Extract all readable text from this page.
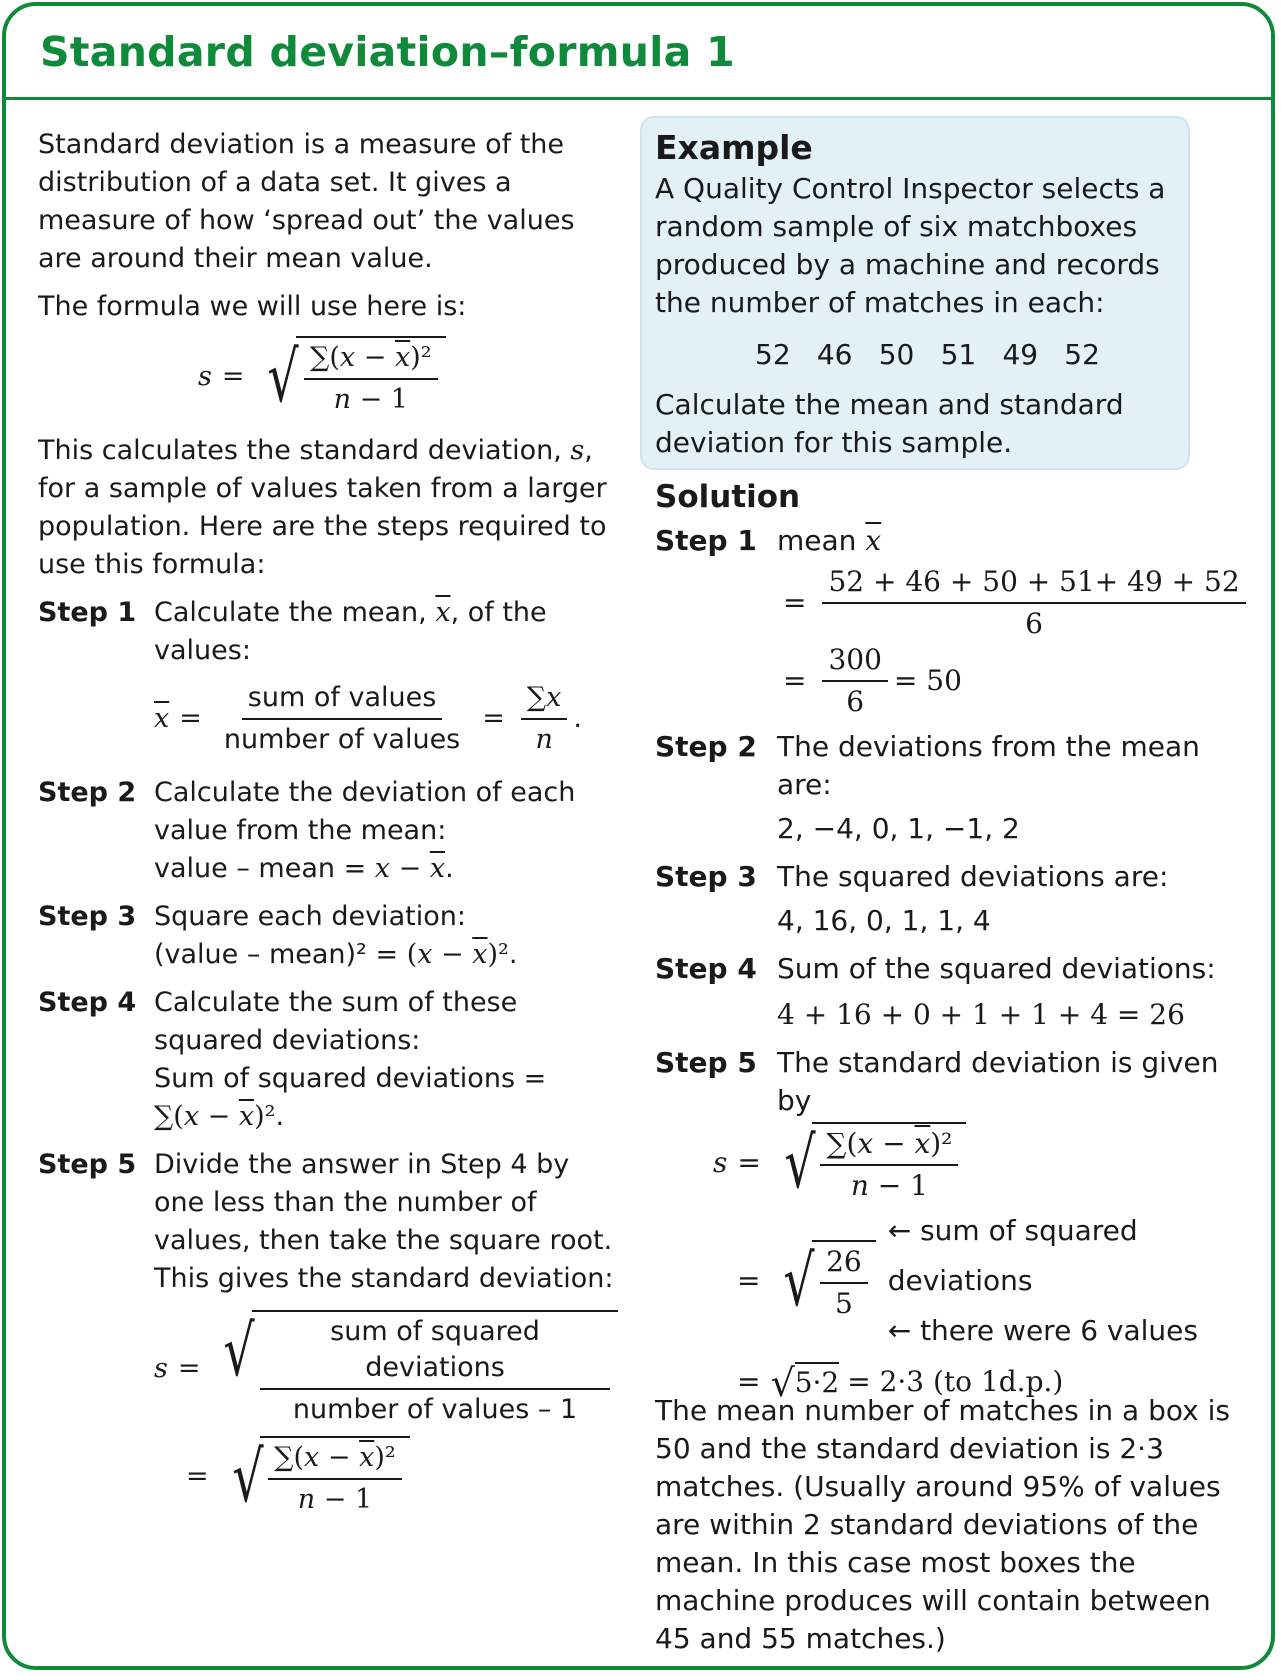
Standard deviation–formula 1

Standard deviation is a measure of the distribution of a data set. It gives a measure of how ‘spread out’ the values are around their mean value.

The formula we will use here is:

s = √ $\frac{\sum(x - \overline{x})^2}{n - 1}$

This calculates the standard deviation, s, for a sample of values taken from a larger population. Here are the steps required to use this formula:

Step 1 Calculate the mean, $\overline{x}$, of the values:
$\overline{x} = \frac{\text{sum of values}}{\text{number of values}} = \frac{\sum x}{n}$ .
Step 2 Calculate the deviation of each value from the mean:
value – mean = $x - \overline{x}$.
Step 3 Square each deviation:
(value – mean)² = $(x - \overline{x})^2$.
Step 4 Calculate the sum of these squared deviations:
Sum of squared deviations =
$\sum(x - \overline{x})^2$.
Step 5 Divide the answer in Step 4 by one less than the number of values, then take the square root. This gives the standard deviation:
s = √ $\frac{\text{sum of squared deviations}}{\text{number of values – 1}}$
= √ $\frac{\sum(x - \overline{x})^2}{n - 1}$
Example

A Quality Control Inspector selects a random sample of six matchboxes produced by a machine and records the number of matches in each:

52 46 50 51 49 52

Calculate the mean and standard deviation for this sample.

Solution
Step 1 mean $\overline{x}$
= $\frac{52 + 46 + 50 + 51+ 49 + 52}{6}$
= $\frac{300}{6} = 50$
Step 2 The deviations from the mean are:
2, −4, 0, 1, −1, 2
Step 3 The squared deviations are:
4, 16, 0, 1, 1, 4
Step 4 Sum of the squared deviations:
4 + 16 + 0 + 1 + 1 + 4 = 26
Step 5 The standard deviation is given by
s = √ $\frac{\sum(x - \overline{x})^2}{n - 1}$
= √ $\frac{26}{5}$
← sum of squared deviations
← there were 6 values
= √ 5·2 = 2·3 (to 1d.p.)

The mean number of matches in a box is 50 and the standard deviation is 2·3 matches. (Usually around 95% of values are within 2 standard deviations of the mean. In this case most boxes the machine produces will contain between 45 and 55 matches.)
